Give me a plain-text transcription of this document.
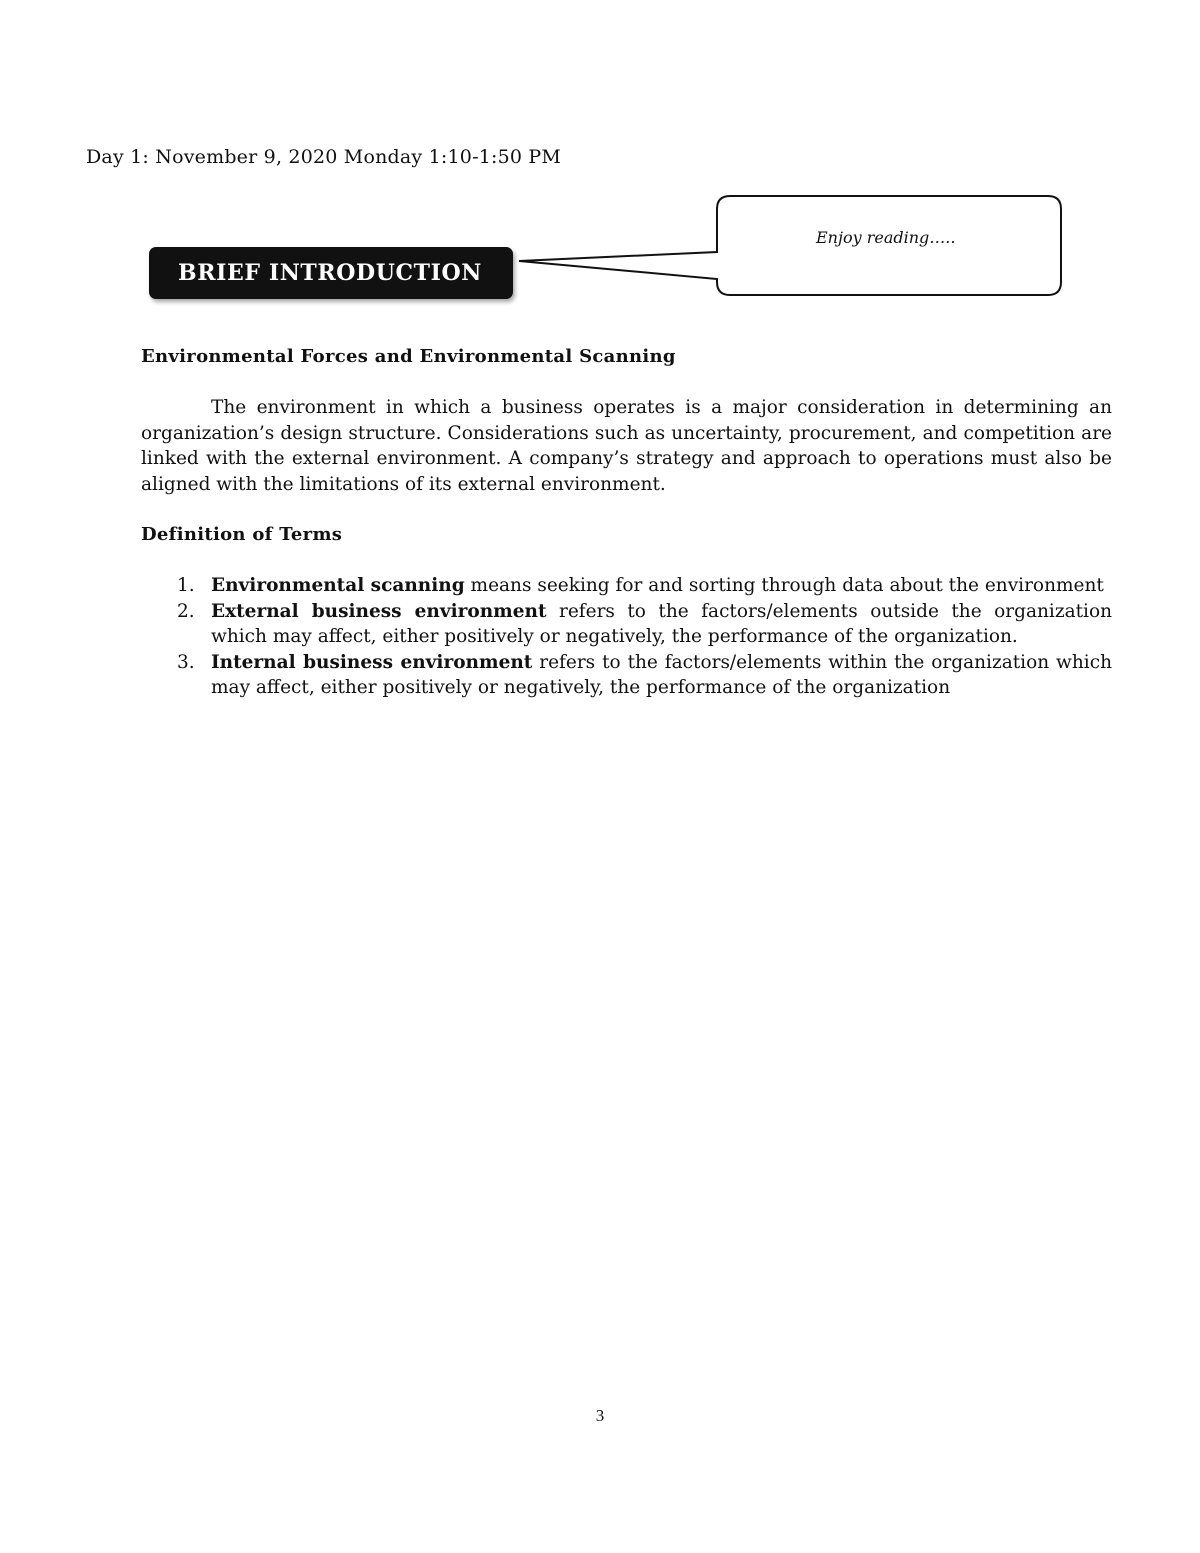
Day 1: November 9, 2020 Monday 1:10-1:50 PM
BRIEF INTRODUCTION
Enjoy reading…..
Environmental Forces and Environmental Scanning

The environment in which a business operates is a major consideration in determining an organization’s design structure. Considerations such as uncertainty, procurement, and competition are linked with the external environment. A company’s strategy and approach to operations must also be aligned with the limitations of its external environment.

Definition of Terms
1. Environmental scanning means seeking for and sorting through data about the environment
2. External business environment refers to the factors/elements outside the organization which may affect, either positively or negatively, the performance of the organization.
3. Internal business environment refers to the factors/elements within the organization which may affect, either positively or negatively, the performance of the organization
3
